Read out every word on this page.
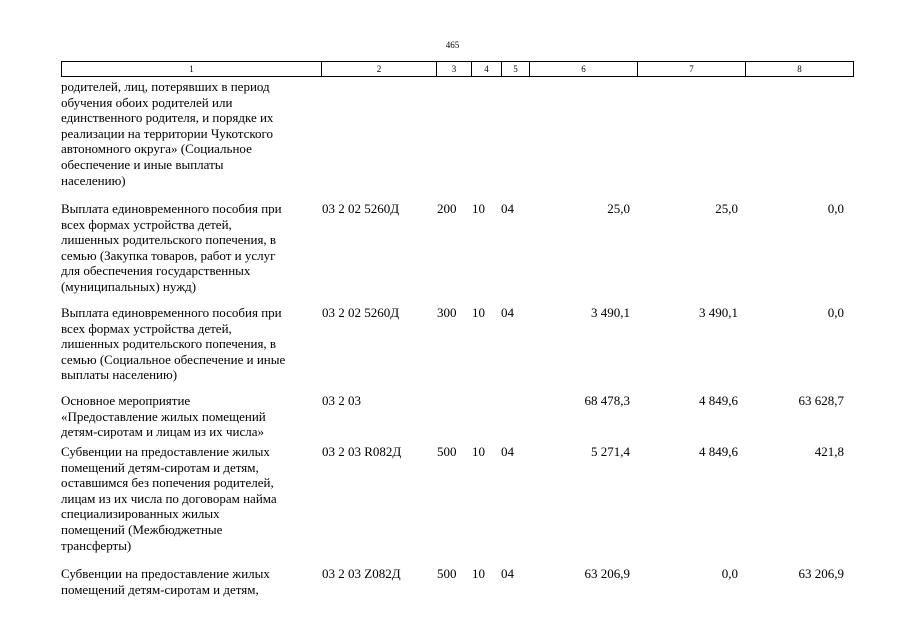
465
1	2	3	4	5	6	7	8
родителей, лиц, потерявших в период
обучения обоих родителей или
единственного родителя, и порядке их
реализации на территории Чукотского
автономного округа» (Социальное
обеспечение и иные выплаты
населению)
Выплата единовременного пособия при
всех формах устройства детей,
лишенных родительского попечения, в
семью (Закупка товаров, работ и услуг
для обеспечения государственных
(муниципальных) нужд)
03 2 02 5260Д	200 10 04	25,0	25,0	0,0
Выплата единовременного пособия при
всех формах устройства детей,
лишенных родительского попечения, в
семью (Социальное обеспечение и иные
выплаты населению)
03 2 02 5260Д	300 10 04	3 490,1	3 490,1	0,0
Основное мероприятие
«Предоставление жилых помещений
детям-сиротам и лицам из их числа»
03 2 03	68 478,3	4 849,6	63 628,7
Субвенции на предоставление жилых
помещений детям-сиротам и детям,
оставшимся без попечения родителей,
лицам из их числа по договорам найма
специализированных жилых
помещений (Межбюджетные
трансферты)
03 2 03 R082Д	500 10 04	5 271,4	4 849,6	421,8
Субвенции на предоставление жилых
помещений детям-сиротам и детям,
03 2 03 Z082Д	500 10 04	63 206,9	0,0	63 206,9
